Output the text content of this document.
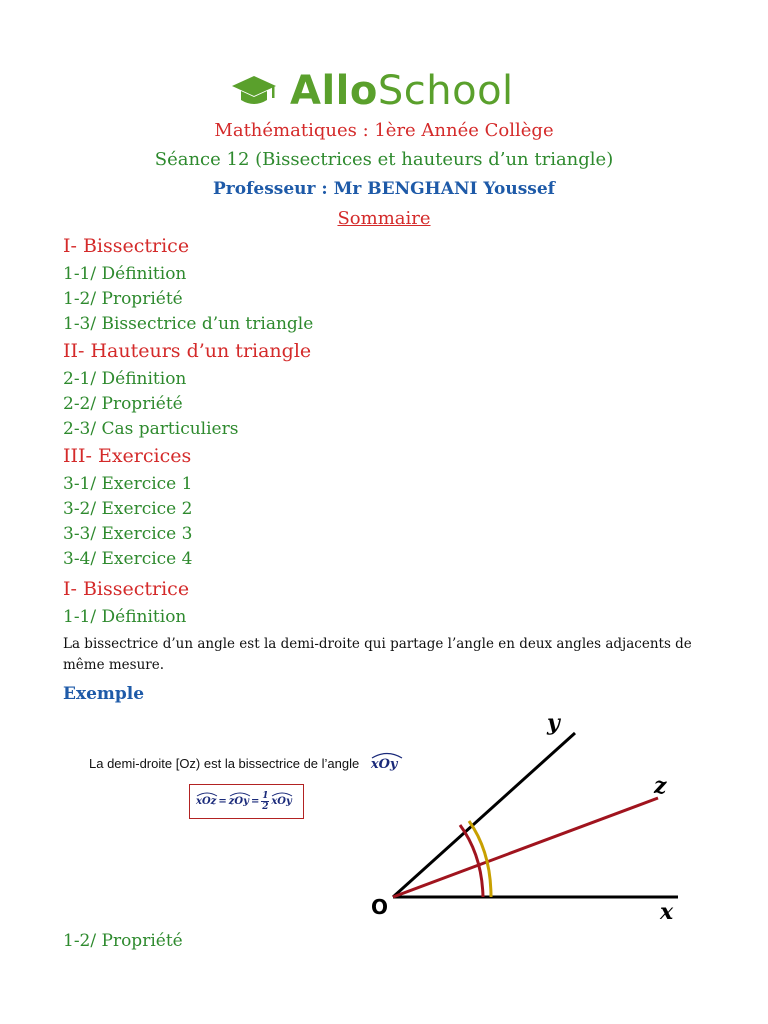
AlloSchool
Mathématiques : 1ère Année Collège
Séance 12 (Bissectrices et hauteurs d’un triangle)
Professeur : Mr BENGHANI Youssef
Sommaire
I- Bissectrice
1-1/ Définition
1-2/ Propriété
1-3/ Bissectrice d’un triangle
II- Hauteurs d’un triangle
2-1/ Définition
2-2/ Propriété
2-3/ Cas particuliers
III- Exercices
3-1/ Exercice 1
3-2/ Exercice 2
3-3/ Exercice 3
3-4/ Exercice 4
I- Bissectrice
1-1/ Définition
La bissectrice d’un angle est la demi-droite qui partage l’angle en deux angles adjacents de même mesure.
Exemple
La demi-droite [Oz) est la bissectrice de l’angle xOy
xOz = zOy = 1
2 xOy
O	x
y
z
1-2/ Propriété
